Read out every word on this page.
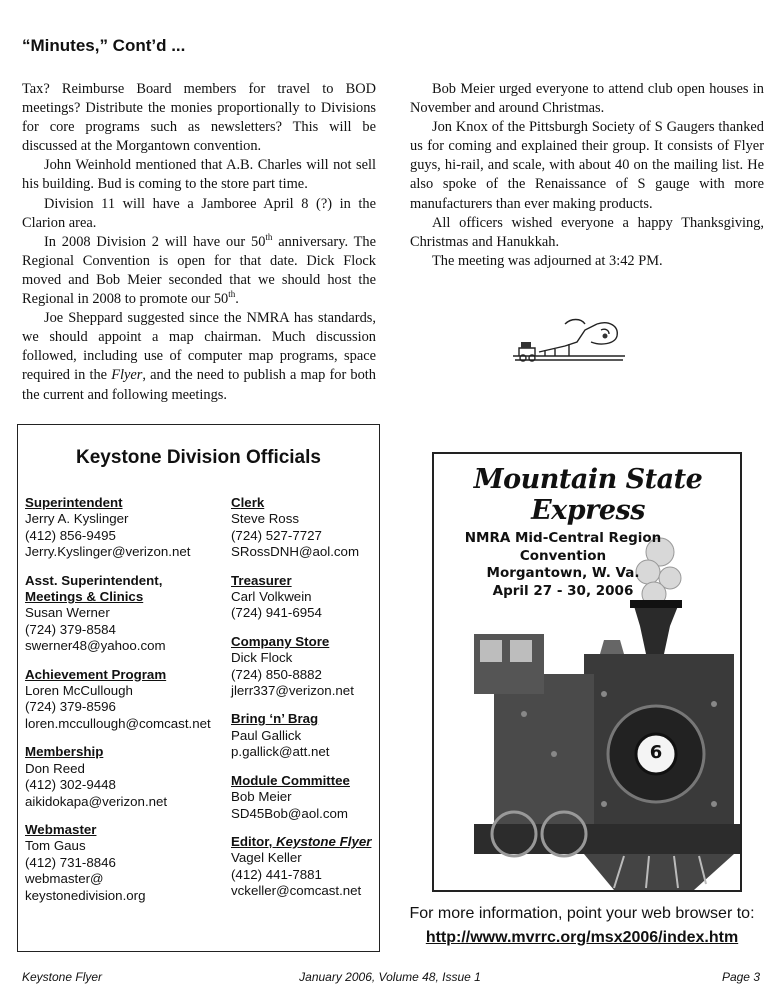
“Minutes,” Cont’d ...

Tax? Reimburse Board members for travel to BOD meetings? Distribute the monies proportionally to Divisions for core programs such as newsletters? This will be discussed at the Morgantown convention.

John Weinhold mentioned that A.B. Charles will not sell his building. Bud is coming to the store part time.

Division 11 will have a Jamboree April 8 (?) in the Clarion area.

In 2008 Division 2 will have our 50th anniversary. The Regional Convention is open for that date. Dick Flock moved and Bob Meier seconded that we should host the Regional in 2008 to promote our 50th.

Joe Sheppard suggested since the NMRA has standards, we should appoint a map chairman. Much discussion followed, including use of computer map programs, space required in the Flyer, and the need to publish a map for both the current and following meetings.

Bob Meier urged everyone to attend club open houses in November and around Christmas.

Jon Knox of the Pittsburgh Society of S Gaugers thanked us for coming and explained their group. It consists of Flyer guys, hi-rail, and scale, with about 40 on the mailing list. He also spoke of the Renaissance of S gauge with more manufacturers than ever making products.

All officers wished everyone a happy Thanksgiving, Christmas and Hanukkah.

The meeting was adjourned at 3:42 PM.

Keystone Division Officials
Superintendent
Jerry A. Kyslinger
(412) 856-9495
Jerry.Kyslinger@verizon.net
Asst. Superintendent,
Meetings & Clinics
Susan Werner
(724) 379-8584
swerner48@yahoo.com
Achievement Program
Loren McCullough
(724) 379-8596
loren.mccullough@comcast.net
Membership
Don Reed
(412) 302-9448
aikidokapa@verizon.net
Webmaster
Tom Gaus
(412) 731-8846
webmaster@
keystonedivision.org
Clerk
Steve Ross
(724) 527-7727
SRossDNH@aol.com
Treasurer
Carl Volkwein
(724) 941-6954
Company Store
Dick Flock
(724) 850-8882
jlerr337@verizon.net
Bring ‘n’ Brag
Paul Gallick
p.gallick@att.net
Module Committee
Bob Meier
SD45Bob@aol.com
Editor, Keystone Flyer
Vagel Keller
(412) 441-7881
vckeller@comcast.net
Mountain State Express
NMRA Mid-Central Region
Convention
Morgantown, W. Va.
April 27 - 30, 2006
6
For more information, point your web browser to:
http://www.mvrrc.org/msx2006/index.htm
Keystone Flyer	January 2006, Volume 48, Issue 1	Page 3
